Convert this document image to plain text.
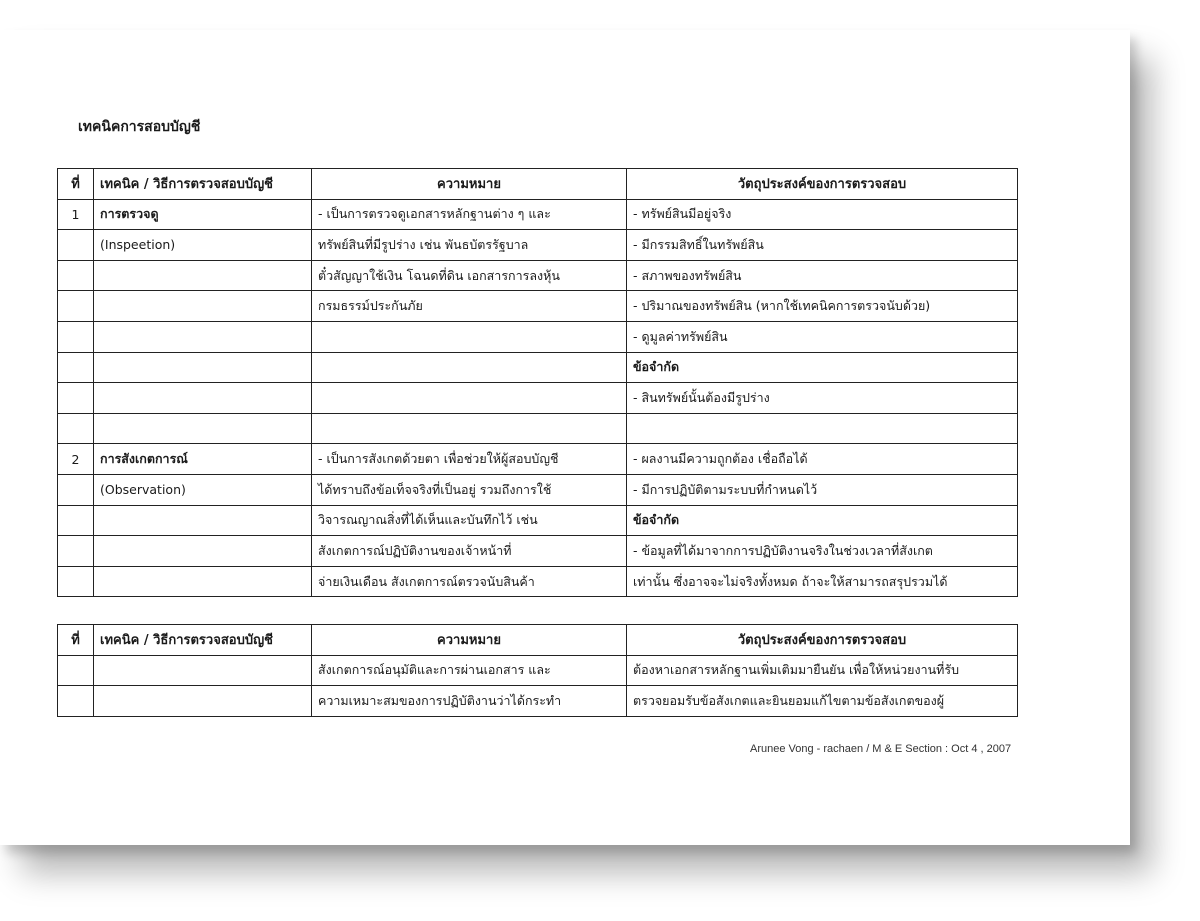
เทคนิคการสอบบัญชี
ที่	เทคนิค / วิธีการตรวจสอบบัญชี	ความหมาย	วัตถุประสงค์ของการตรวจสอบ
1	การตรวจดู	- เป็นการตรวจดูเอกสารหลักฐานต่าง ๆ และ	- ทรัพย์สินมีอยู่จริง
	(Inspeetion)	ทรัพย์สินที่มีรูปร่าง เช่น พันธบัตรรัฐบาล	- มีกรรมสิทธิ์ในทรัพย์สิน
		ตั๋วสัญญาใช้เงิน โฉนดที่ดิน เอกสารการลงหุ้น	- สภาพของทรัพย์สิน
		กรมธรรม์ประกันภัย	- ปริมาณของทรัพย์สิน (หากใช้เทคนิคการตรวจนับด้วย)
			- ดูมูลค่าทรัพย์สิน
			ข้อจำกัด
			- สินทรัพย์นั้นต้องมีรูปร่าง

2	การสังเกตการณ์	- เป็นการสังเกตด้วยตา เพื่อช่วยให้ผู้สอบบัญชี	- ผลงานมีความถูกต้อง เชื่อถือได้
	(Observation)	ได้ทราบถึงข้อเท็จจริงที่เป็นอยู่ รวมถึงการใช้	- มีการปฏิบัติตามระบบที่กำหนดไว้
		วิจารณญาณสิ่งที่ได้เห็นและบันทึกไว้ เช่น	ข้อจำกัด
		สังเกตการณ์ปฏิบัติงานของเจ้าหน้าที่	- ข้อมูลที่ได้มาจากการปฏิบัติงานจริงในช่วงเวลาที่สังเกต
		จ่ายเงินเดือน สังเกตการณ์ตรวจนับสินค้า	เท่านั้น ซึ่งอาจจะไม่จริงทั้งหมด ถ้าจะให้สามารถสรุปรวมได้
ที่	เทคนิค / วิธีการตรวจสอบบัญชี	ความหมาย	วัตถุประสงค์ของการตรวจสอบ
		สังเกตการณ์อนุมัติและการผ่านเอกสาร และ	ต้องหาเอกสารหลักฐานเพิ่มเติมมายืนยัน เพื่อให้หน่วยงานที่รับ
		ความเหมาะสมของการปฏิบัติงานว่าได้กระทำ	ตรวจยอมรับข้อสังเกตและยินยอมแก้ไขตามข้อสังเกตของผู้
Arunee Vong - rachaen / M & E Section : Oct 4 , 2007
